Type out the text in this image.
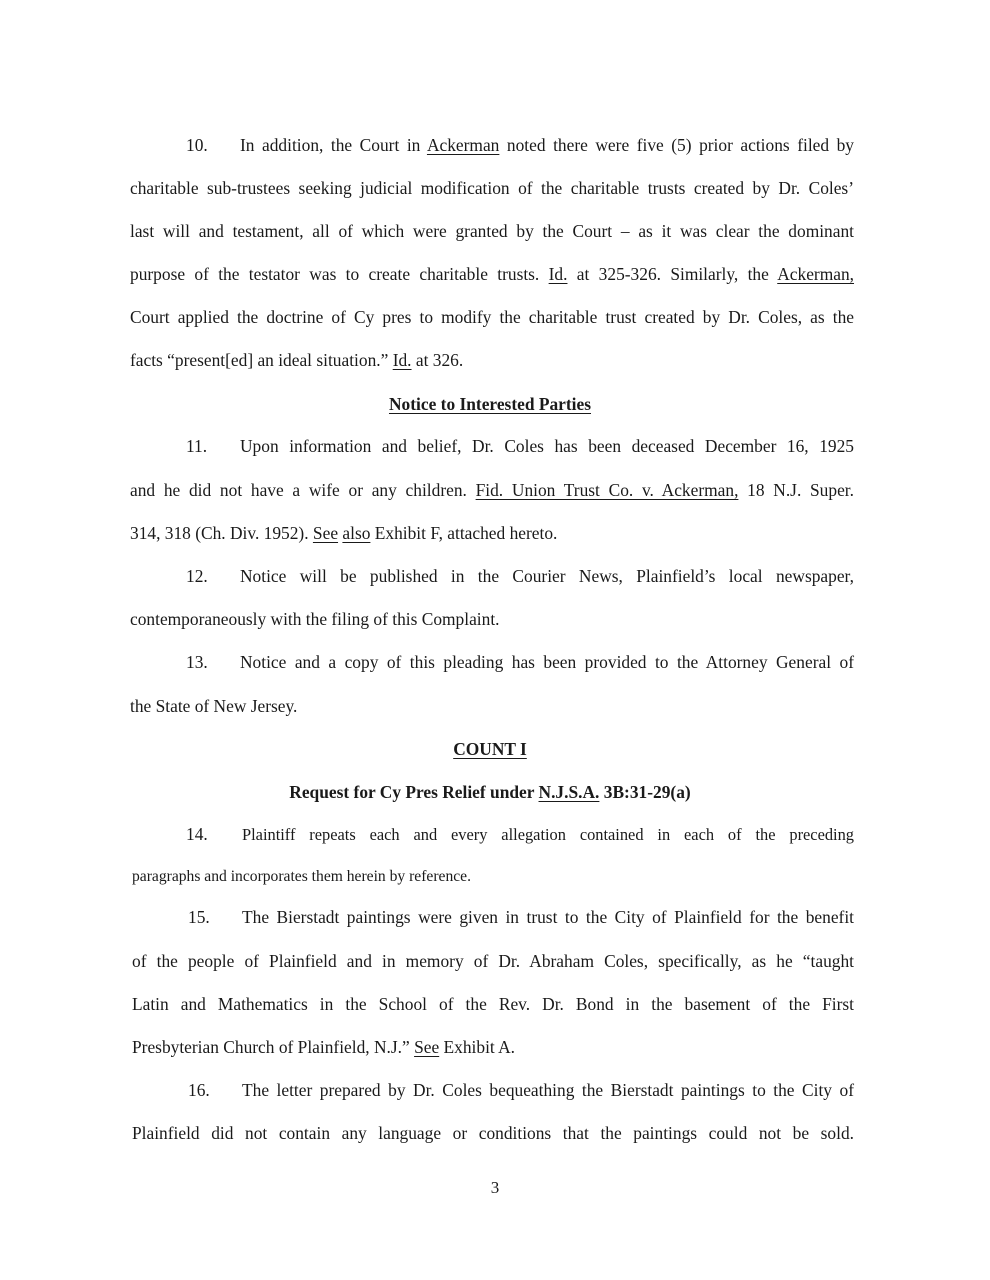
10. In addition, the Court in Ackerman noted there were five (5) prior actions filed by
charitable sub-trustees seeking judicial modification of the charitable trusts created by Dr. Coles’
last will and testament, all of which were granted by the Court – as it was clear the dominant
purpose of the testator was to create charitable trusts. Id. at 325-326. Similarly, the Ackerman,
Court applied the doctrine of Cy pres to modify the charitable trust created by Dr. Coles, as the
facts “present[ed] an ideal situation.” Id. at 326.
Notice to Interested Parties
11. Upon information and belief, Dr. Coles has been deceased December 16, 1925
and he did not have a wife or any children. Fid. Union Trust Co. v. Ackerman, 18 N.J. Super.
314, 318 (Ch. Div. 1952). See also Exhibit F, attached hereto.
12. Notice will be published in the Courier News, Plainfield’s local newspaper,
contemporaneously with the filing of this Complaint.
13. Notice and a copy of this pleading has been provided to the Attorney General of
the State of New Jersey.
COUNT I
Request for Cy Pres Relief under N.J.S.A. 3B:31-29(a)
14. Plaintiff repeats each and every allegation contained in each of the preceding
paragraphs and incorporates them herein by reference.
15. The Bierstadt paintings were given in trust to the City of Plainfield for the benefit
of the people of Plainfield and in memory of Dr. Abraham Coles, specifically, as he “taught
Latin and Mathematics in the School of the Rev. Dr. Bond in the basement of the First
Presbyterian Church of Plainfield, N.J.” See Exhibit A.
16. The letter prepared by Dr. Coles bequeathing the Bierstadt paintings to the City of
Plainfield did not contain any language or conditions that the paintings could not be sold.
3
